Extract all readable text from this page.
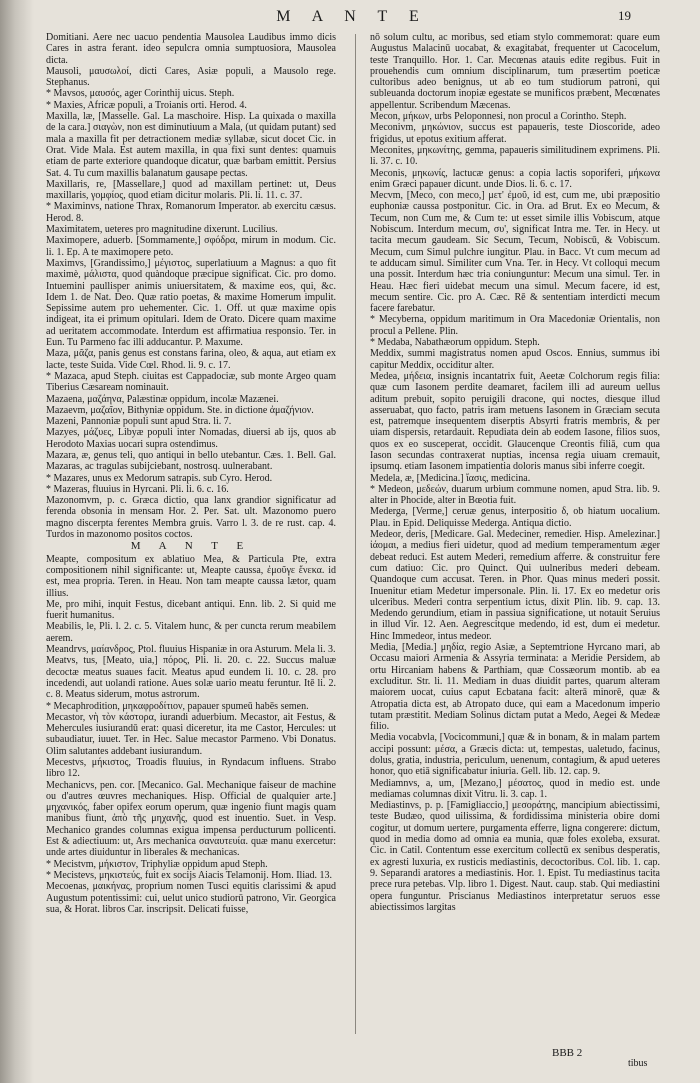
M A N T E	19

Domitiani. Aere nec uacuo pendentia Mausolea Laudibus immo dicis Cares in astra ferant. ideo sepulcra omnia sumptuosiora, Mausolea dicta.

Mausoli, μαυσωλοί, dicti Cares, Asiæ populi, a Mausolo rege. Stephanus.

* Mavsos, μαυσός, ager Corinthij uicus. Steph.

* Maxies, Africæ populi, a Troianis orti. Herod. 4.

Maxilla, læ, [Masselle. Gal. La maschoire. Hisp. La quixada o maxilla de la cara.] σιαγὼν, non est diminutiuum a Mala, (ut quidam putant) sed mala a maxilla fit per detractionem mediæ syllabæ, sicut docet Cic. in Orat. Vide Mala. Est autem maxilla, in qua fixi sunt dentes: quamuis etiam de parte exteriore quandoque dicatur, quæ barbam emittit. Persius Sat. 4. Tu cum maxillis balanatum gausape pectas.

Maxillaris, re, [Massellare,] quod ad maxillam pertinet: ut, Deus maxillaris, γομφίος, quod etiam dicitur molaris. Pli. li. 11. c. 37.

* Maximinvs, natione Thrax, Romanorum Imperator. ab exercitu cæsus. Herod. 8.

Maximitatem, ueteres pro magnitudine dixerunt. Lucilius.

Maximopere, aduerb. [Sommamente,] σφόδρα, mirum in modum. Cic. li. 1. Ep. A te maximopere peto.

Maximvs, [Grandissimo,] μέγιστος, superlatiuum a Magnus: a quo fit maximè, μάλιστα, quod quàndoque præcipue significat. Cic. pro domo. Intuemini paullisper animis uniuersitatem, & maxime eos, qui, &c. Idem 1. de Nat. Deo. Quæ ratio poetas, & maxime Homerum impulit. Sepissime autem pro uehementer. Cic. 1. Off. ut quæ maxime opis indigeat, ita ei primum opitulari. Idem de Orato. Dicere quam maxime ad ueritatem accommodate. Interdum est affirmatiua responsio. Ter. in Eun. Tu Parmeno fac illi adducantur. P. Maxume.

Maza, μᾶζα, panis genus est constans farina, oleo, & aqua, aut etiam ex lacte, teste Suida. Vide Cœl. Rhod. li. 9. c. 17.

* Mazaca, apud Steph. ciuitas est Cappadociæ, sub monte Argeo quam Tiberius Cæsaream nominauit.

Mazaena, μαζάηνα, Palæstinæ oppidum, incolæ Mazænei.

Mazaevm, μαζαῖον, Bithyniæ oppidum. Ste. in dictione ἀμαζήνιον.

Mazeni, Pannoniæ populi sunt apud Stra. li. 7.

Mazyes, μάζυες, Libyæ populi inter Nomadas, diuersi ab ijs, quos ab Herodoto Maxias uocari supra ostendimus.

Mazara, æ, genus teli, quo antiqui in bello utebantur. Cæs. 1. Bell. Gal. Mazaras, ac tragulas subijciebant, nostrosq. uulnerabant.

* Mazares, unus ex Medorum satrapis. sub Cyro. Herod.

* Mazeras, fluuius in Hyrcani. Pli. li. 6. c. 16.

Mazonomvm, p. c. Græca dictio, qua lanx grandior significatur ad ferenda obsonia in mensam Hor. 2. Per. Sat. ult. Mazonomo puero magno discerpta ferentes Membra gruis. Varro l. 3. de re rust. cap. 4. Turdos in mazonomo positos coctos.

M A N T E

Meapte, compositum ex ablatiuo Mea, & Particula Pte, extra compositionem nihil significante: ut, Meapte caussa, ἐμοῦγε ἕνεκα. id est, mea propria. Teren. in Heau. Non tam meapte caussa lætor, quam illius.

Me, pro mihi, inquit Festus, dicebant antiqui. Enn. lib. 2. Si quid me fuerit humanitus.

Meabilis, le, Pli. l. 2. c. 5. Vitalem hunc, & per cuncta rerum meabilem aerem.

Meandrvs, μαίανδρος, Ptol. fluuius Hispaniæ in ora Asturum. Mela li. 3.

Meatvs, tus, [Meato, uia,] πόρος, Pli. li. 20. c. 22. Succus maluæ decoctæ meatus suaues facit. Meatus apud eundem li. 10. c. 28. pro incedendi, aut uolandi ratione. Aues solæ uario meatu feruntur. Itē li. 2. c. 8. Meatus siderum, motus astrorum.

* Mecaphrodition, μηκαφροδίτιον, papauer spumeū habēs semen.

Mecastor, νὴ τὸν κάστορα, iurandi aduerbium. Mecastor, ait Festus, & Mehercules iusiurandū erat: quasi diceretur, ita me Castor, Hercules: ut subaudiatur, iuuet. Ter. in Hec. Salue mecastor Parmeno. Vbi Donatus. Olim salutantes addebant iusiurandum.

Mecestvs, μήκιστος, Troadis fluuius, in Ryndacum influens. Strabo libro 12.

Mechanicvs, pen. cor. [Mecanico. Gal. Mechanique faiseur de machine ou d'autres œuvres mechaniques. Hisp. Official de qualquier arte.] μηχανικός, faber opifex eorum operum, quæ ingenio fiunt magis quam manibus fiunt, ἀπὸ τῆς μηχανῆς, quod est inuentio. Suet. in Vesp. Mechanico grandes columnas exigua impensa perducturum pollicenti. Est & adiectiuum: ut, Ars mechanica σαναυτευία. quæ manu exercetur: unde artes diuiduntur in liberales & mechanicas.

* Mecistvm, μήκιστον, Triphyliæ oppidum apud Steph.

* Mecistevs, μηκιστεύς, fuit ex socijs Aiacis Telamonij. Hom. Iliad. 13.

Mecoenas, μαικήνας, proprium nomen Tusci equitis clarissimi & apud Augustum potentissimi: cui, uelut unico studiorū patrono, Vir. Georgica sua, & Horat. libros Car. inscripsit. Delicati fuisse,

nō solum cultu, ac moribus, sed etiam stylo commemorat: quare eum Augustus Malacinū uocabat, & exagitabat, frequenter ut Cacocelum, teste Tranquillo. Hor. 1. Car. Mecœnas atauis edite regibus. Fuit in prouehendis cum omnium disciplinarum, tum præsertim poeticæ cultoribus adeo benignus, ut ab eo tum studiorum patroni, qui subleuanda doctorum inopiæ egestate se munificos præbent, Mecœnates appellentur. Scribendum Mæcenas.

Mecon, μήκων, urbs Peloponnesi, non procul a Corintho. Steph.

Meconivm, μηκώνιον, succus est papaueris, teste Dioscoride, adeo frigidus, ut epotus exitium afferat.

Meconites, μηκωνίτης, gemma, papaueris similitudinem exprimens. Pli. li. 37. c. 10.

Meconis, μηκωνίς, lactucæ genus: a copia lactis soporiferi, μήκωνα enim Græci papauer dicunt. unde Dios. li. 6. c. 17.

Mecvm, [Meco, con meco,] μετ' ἐμοῦ, id est, cum me, ubi præpositio euphoniæ caussa postponitur. Cic. in Ora. ad Brut. Ex eo Mecum, & Tecum, non Cum me, & Cum te: ut esset simile illis Vobiscum, atque Nobiscum. Interdum mecum, συ', significat Intra me. Ter. in Hecy. ut tacita mecum gaudeam. Sic Secum, Tecum, Nobiscū, & Vobiscum. Mecum, cum Simul pulchre iungitur. Plau. in Bacc. Vt cum mecum ad te adducam simul. Similiter cum Vna. Ter. in Hecy. Vt colloqui mecum una possit. Interdum hæc tria coniunguntur: Mecum una simul. Ter. in Heau. Hæc fieri uidebat mecum una simul. Mecum facere, id est, mecum sentire. Cic. pro A. Cæc. Rē & sententiam interdicti mecum facere farebatur.

* Mecyberna, oppidum maritimum in Ora Macedoniæ Orientalis, non procul a Pellene. Plin.

* Medaba, Nabathæorum oppidum. Steph.

Meddix, summi magistratus nomen apud Oscos. Ennius, summus ibi capitur Meddix, occiditur alter.

Medea, μήδεια, insignis incantatrix fuit, Aeetæ Colchorum regis filia: quæ cum Iasonem perdite deamaret, facilem illi ad aureum uellus aditum prebuit, sopito peruigili dracone, qui noctes, diesque illud asseruabat, quo facto, patris iram metuens Iasonem in Græciam secuta est, patremque insequentem diserptis Absyrti fratris membris, & per uiam dispersis, retardauit. Repudiata dein ab eodem Iasone, filios suos, quos ex eo susceperat, occidit. Glaucenque Creontis filiā, cum qua Iason secundas contraxerat nuptias, incensa regia uiuam cremauit, ipsumq. etiam Iasonem impatientia doloris manus sibi inferre coegit.

Medela, æ, [Medicina.] ἴασις, medicina.

* Medeon, μεδεών, duarum urbium commune nomen, apud Stra. lib. 9. alter in Phocide, alter in Bœotia fuit.

Mederga, [Verme,] ceruæ genus, interpositio δ, ob hiatum uocalium. Plau. in Epid. Deliquisse Mederga. Antiqua dictio.

Medeor, deris, [Medicare. Gal. Medeciner, remedier. Hisp. Amelezinar.] ἰάομαι, a medius fieri uidetur, quod ad medium temperamentum æger debeat reduci. Est autem Mederi, remedium afferre. & construitur fere cum datiuo: Cic. pro Quinct. Qui uulneribus mederi debeam. Quandoque cum accusat. Teren. in Phor. Quas minus mederi possit. Inuenitur etiam Medetur impersonale. Plin. li. 17. Ex eo medetur oris ulceribus. Mederi contra serpentium ictus, dixit Plin. lib. 9. cap. 13. Medendo gerundium, etiam in passiua significatione, ut notauit Seruius in illud Vir. 12. Aen. Aegrescitque medendo, id est, dum ei medetur. Hinc Immedeor, intus medeor.

Media, [Media.] μηδία, regio Asiæ, a Septemtrione Hyrcano mari, ab Occasu maiori Armenia & Assyria terminata: a Meridie Persidem, ab ortu Hircaniam habens & Parthiam, quæ Cossæorum montib. ab ea excluditur. Str. li. 11. Mediam in duas diuidit partes, quarum alteram maiorem uocat, cuius caput Ecbatana facit: alterā minorē, quæ & Atropatia dicta est, ab Atropato duce, qui eam a Macedonum imperio tutam præstitit. Mediam Solinus dictam putat a Medo, Aegei & Medeæ filio.

Media vocabvla, [Vocicommuni,] quæ & in bonam, & in malam partem accipi possunt: μέσα, a Græcis dicta: ut, tempestas, ualetudo, facinus, dolus, gratia, industria, periculum, uenenum, contagium, & apud ueteres honor, quo etiā significabatur iniuria. Gell. lib. 12. cap. 9.

Mediamnvs, a, um, [Mezano,] μέσατος, quod in medio est. unde mediamas columnas dixit Vitru. li. 3. cap. 1.

Mediastinvs, p. p. [Famigliaccio,] μεσοράτης, mancipium abiectissimi, teste Budæo, quod uilissima, & fordidissima ministeria obire domi cogitur, ut domum uertere, purgamenta efferre, ligna congerere: dictum, quod in media domo ad omnia ea munia, quæ foles exoleba, exsurat. Cic. in Catil. Contentum esse exercitum collectū ex senibus desperatis, ex agresti luxuria, ex rusticis mediastinis, decoctoribus. Col. lib. 1. cap. 9. Separandi aratores a mediastinis. Hor. 1. Epist. Tu mediastinus tacita prece rura petebas. Vlp. libro 1. Digest. Naut. caup. stab. Qui mediastini opera funguntur. Priscianus Mediastinos interpretatur seruos esse abiectissimos largitas

BBB 2
tibus
